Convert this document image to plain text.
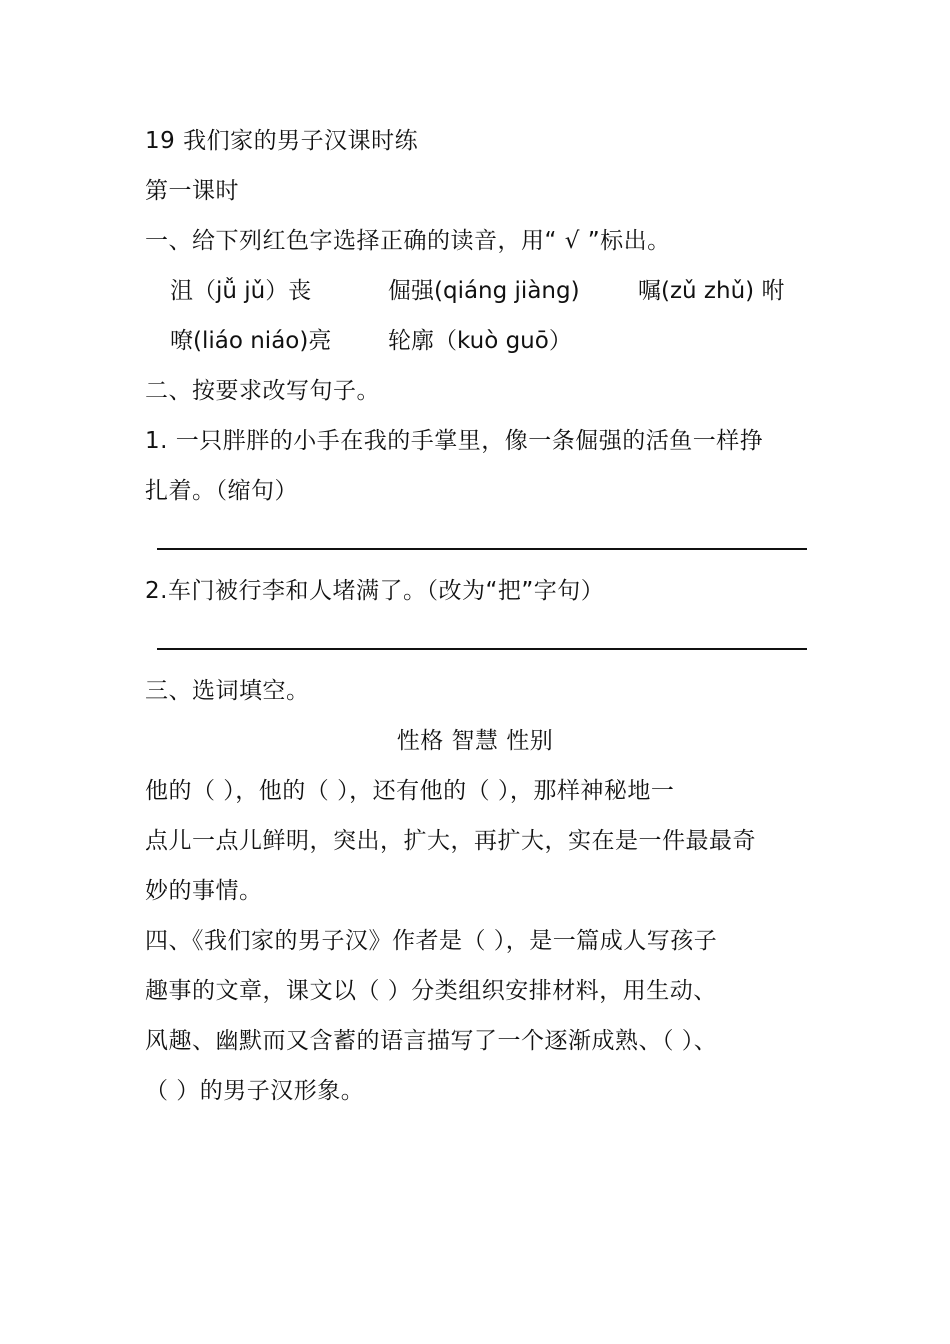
19 我们家的男子汉课时练
第一课时
一、给下列红色字选择正确的读音，用“ √ ”标出。
沮（jǚ jǔ）丧	倔强(qiáng jiàng)	嘱(zǔ zhǔ) 咐
嘹(liáo niáo)亮 轮廓（kuò guō）
二、按要求改写句子。
1. 一只胖胖的小手在我的手掌里，像一条倔强的活鱼一样挣
扎着。（缩句）
2.车门被行李和人堵满了。（改为“把”字句）
三、选词填空。
性格 智慧 性别
他的（ ），他的（ ），还有他的（ ），那样神秘地一
点儿一点儿鲜明，突出，扩大，再扩大，实在是一件最最奇
妙的事情。
四、《我们家的男子汉》作者是（ ），是一篇成人写孩子
趣事的文章，课文以（ ）分类组织安排材料，用生动、
风趣、幽默而又含蓄的语言描写了一个逐渐成熟、（ ）、
（ ）的男子汉形象。
